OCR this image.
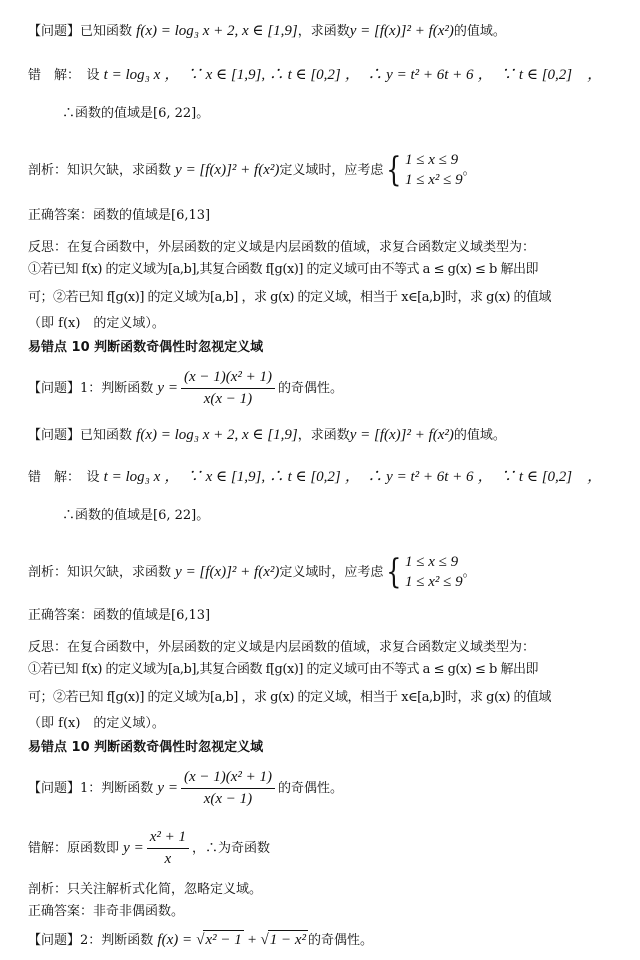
【问题】已知函数 f(x) = log₃ x + 2, x ∈ [1,9]，求函数y = [f(x)]² + f(x²)的值域。
错　解：　设 t = log₃ x ，　∵ x ∈ [1,9], ∴ t ∈ [0,2] ，　∴ y = t² + 6t + 6 ，　∵ t ∈ [0,2]　，
∴函数的值域是[6, 22]。
剖析：知识欠缺，求函数 y = [f(x)]² + f(x²)定义域时，应考虑{ 1 ≤ x ≤ 9
1 ≤ x² ≤ 9
。
正确答案：函数的值域是[6,13]
反思：在复合函数中，外层函数的定义域是内层函数的值域，求复合函数定义域类型为：
①若已知 f(x) 的定义域为[a,b],其复合函数 f[g(x)] 的定义域可由不等式 a ≤ g(x) ≤ b 解出即
可；②若已知 f[g(x)] 的定义域为[a,b] ，求 g(x) 的定义域，相当于 x∈[a,b]时，求 g(x) 的值域
（即 f(x)　的定义域）。
易错点 10 判断函数奇偶性时忽视定义域
【问题】1：判断函数 $y = \frac{\text{(x − 1)(x² + 1)}}{x(x - 1)}$ 的奇偶性。
【问题】已知函数 f(x) = log₃ x + 2, x ∈ [1,9]，求函数y = [f(x)]² + f(x²)的值域。
错　解：　设 t = log₃ x ，　∵ x ∈ [1,9], ∴ t ∈ [0,2] ，　∴ y = t² + 6t + 6 ，　∵ t ∈ [0,2]　，
∴函数的值域是[6, 22]。
剖析：知识欠缺，求函数 y = [f(x)]² + f(x²)定义域时，应考虑{ 1 ≤ x ≤ 9
1 ≤ x² ≤ 9
。
正确答案：函数的值域是[6,13]
反思：在复合函数中，外层函数的定义域是内层函数的值域，求复合函数定义域类型为：
①若已知 f(x) 的定义域为[a,b],其复合函数 f[g(x)] 的定义域可由不等式 a ≤ g(x) ≤ b 解出即
可；②若已知 f[g(x)] 的定义域为[a,b] ，求 g(x) 的定义域，相当于 x∈[a,b]时，求 g(x) 的值域
（即 f(x)　的定义域）。
易错点 10 判断函数奇偶性时忽视定义域
【问题】1：判断函数 $y = \frac{\text{(x − 1)(x² + 1)}}{x(x - 1)}$ 的奇偶性。
错解：原函数即 $y = \frac{\text{x² + 1}}{x}$ ，∴为奇函数
剖析：只关注解析式化简，忽略定义域。
正确答案：非奇非偶函数。
【问题】2：判断函数 f(x) = √x² − 1 + √1 − x² 的奇偶性。
